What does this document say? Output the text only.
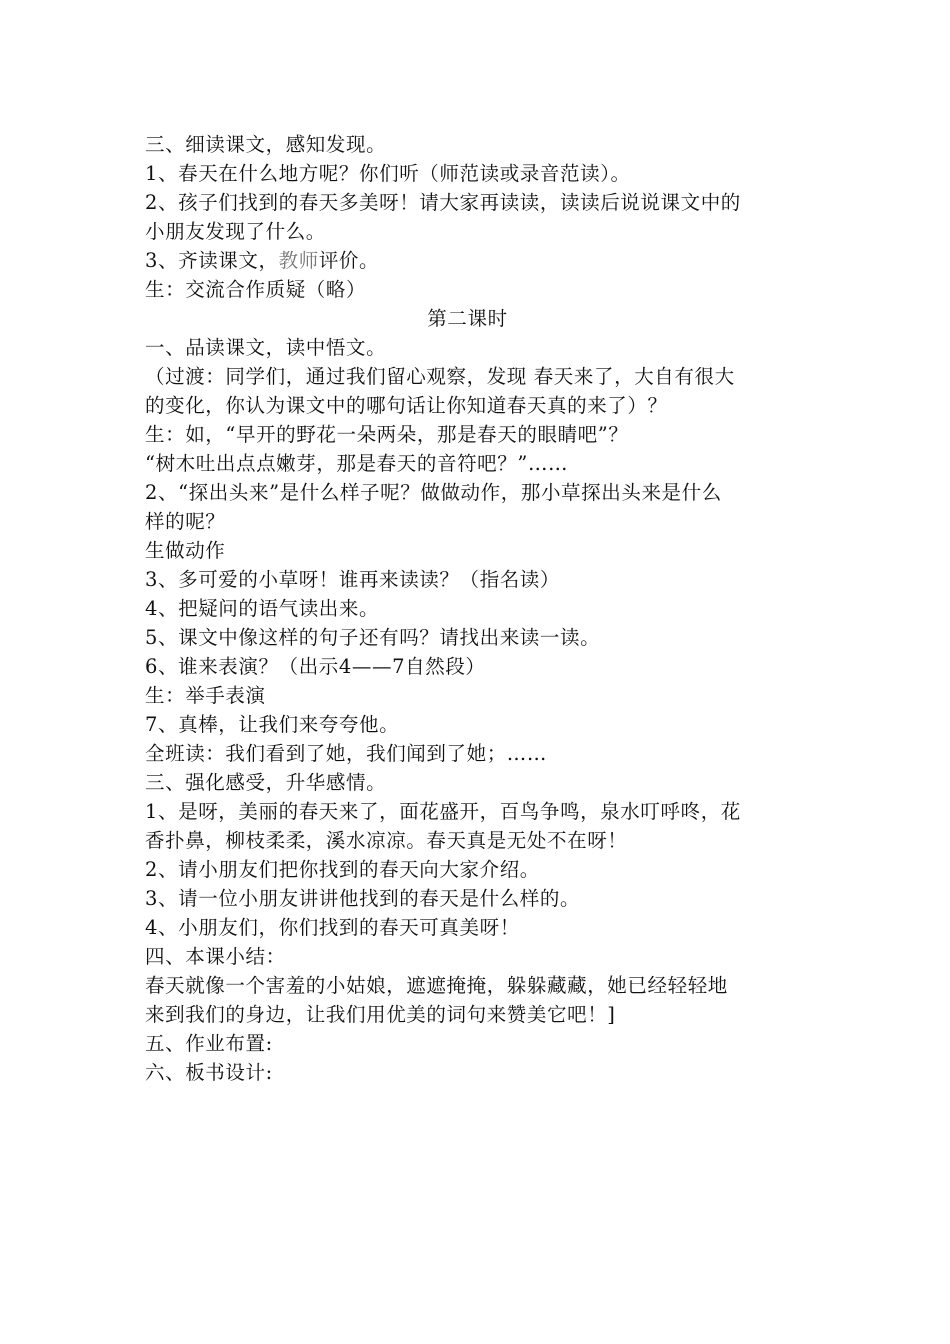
三、细读课文，感知发现。
1、春天在什么地方呢？你们听（师范读或录音范读）。
2、孩子们找到的春天多美呀！请大家再读读，读读后说说课文中的
小朋友发现了什么。
3、齐读课文，教师评价。
生：交流合作质疑（略）
第二课时
一、品读课文，读中悟文。
（过渡：同学们，通过我们留心观察，发现 春天来了，大自有很大
的变化，你认为课文中的哪句话让你知道春天真的来了）？
生：如，“早开的野花一朵两朵，那是春天的眼睛吧”？
“树木吐出点点嫩芽，那是春天的音符吧？”……
2、“探出头来”是什么样子呢？做做动作，那小草探出头来是什么
样的呢？
生做动作
3、多可爱的小草呀！谁再来读读？（指名读）
4、把疑问的语气读出来。
5、课文中像这样的句子还有吗？请找出来读一读。
6、谁来表演？（出示4——7自然段）
生：举手表演
7、真棒，让我们来夸夸他。
全班读：我们看到了她，我们闻到了她；……
三、强化感受，升华感情。
1、是呀，美丽的春天来了，面花盛开，百鸟争鸣，泉水叮呼咚，花
香扑鼻，柳枝柔柔，溪水凉凉。春天真是无处不在呀！
2、请小朋友们把你找到的春天向大家介绍。
3、请一位小朋友讲讲他找到的春天是什么样的。
4、小朋友们，你们找到的春天可真美呀！
四、本课小结：
春天就像一个害羞的小姑娘，遮遮掩掩，躲躲藏藏，她已经轻轻地
来到我们的身边，让我们用优美的词句来赞美它吧！]
五、作业布置:
六、板书设计:
